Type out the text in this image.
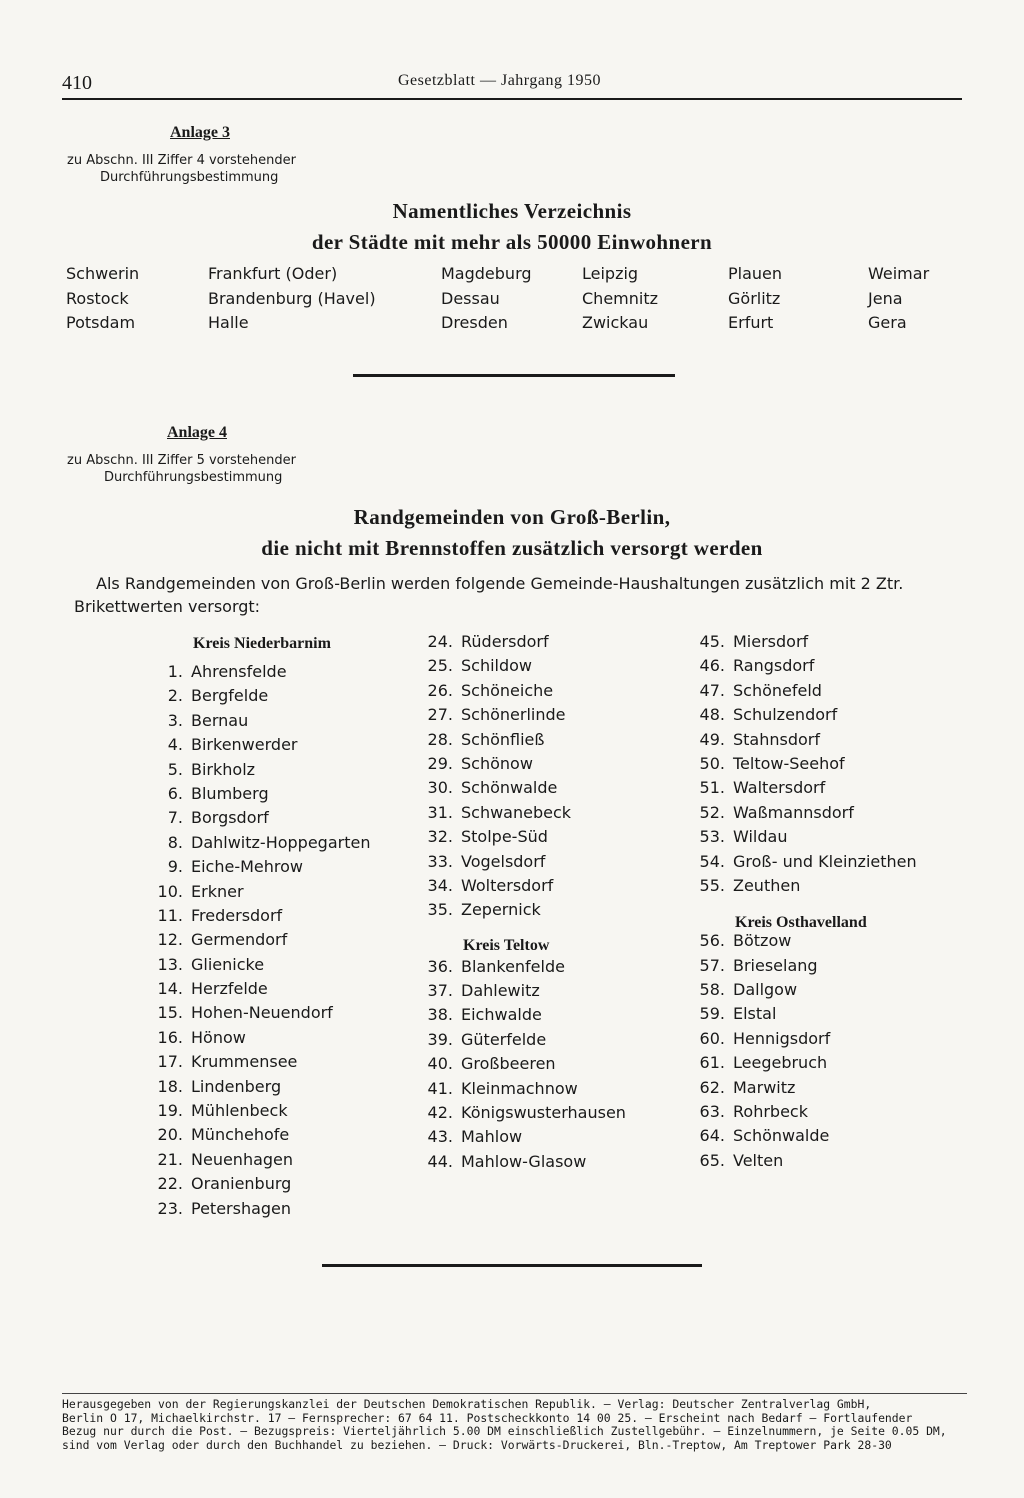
410	Gesetzblatt — Jahrgang 1950
Anlage 3
zu Abschn. III Ziffer 4 vorstehender
Durchführungsbestimmung
Namentliches Verzeichnis
der Städte mit mehr als 50000 Einwohnern
Schwerin
Rostock
Potsdam
Frankfurt (Oder)
Brandenburg (Havel)
Halle
Magdeburg
Dessau
Dresden
Leipzig
Chemnitz
Zwickau
Plauen
Görlitz
Erfurt
Weimar
Jena
Gera
Anlage 4
zu Abschn. III Ziffer 5 vorstehender
Durchführungsbestimmung
Randgemeinden von Groß-Berlin,
die nicht mit Brennstoffen zusätzlich versorgt werden
Als Randgemeinden von Groß-Berlin werden folgende Gemeinde-Haushaltungen zusätzlich mit 2 Ztr.
Brikettwerten versorgt:
Kreis Niederbarnim
1. Ahrensfelde
2. Bergfelde
3. Bernau
4. Birkenwerder
5. Birkholz
6. Blumberg
7. Borgsdorf
8. Dahlwitz-Hoppegarten
9. Eiche-Mehrow
10. Erkner
11. Fredersdorf
12. Germendorf
13. Glienicke
14. Herzfelde
15. Hohen-Neuendorf
16. Hönow
17. Krummensee
18. Lindenberg
19. Mühlenbeck
20. Münchehofe
21. Neuenhagen
22. Oranienburg
23. Petershagen
24. Rüdersdorf
25. Schildow
26. Schöneiche
27. Schönerlinde
28. Schönfließ
29. Schönow
30. Schönwalde
31. Schwanebeck
32. Stolpe-Süd
33. Vogelsdorf
34. Woltersdorf
35. Zepernick
Kreis Teltow
36. Blankenfelde
37. Dahlewitz
38. Eichwalde
39. Güterfelde
40. Großbeeren
41. Kleinmachnow
42. Königswusterhausen
43. Mahlow
44. Mahlow-Glasow
45. Miersdorf
46. Rangsdorf
47. Schönefeld
48. Schulzendorf
49. Stahnsdorf
50. Teltow-Seehof
51. Waltersdorf
52. Waßmannsdorf
53. Wildau
54. Groß- und Kleinziethen
55. Zeuthen
Kreis Osthavelland
56. Bötzow
57. Brieselang
58. Dallgow
59. Elstal
60. Hennigsdorf
61. Leegebruch
62. Marwitz
63. Rohrbeck
64. Schönwalde
65. Velten
Herausgegeben von der Regierungskanzlei der Deutschen Demokratischen Republik. — Verlag: Deutscher Zentralverlag GmbH,
Berlin O 17, Michaelkirchstr. 17 — Fernsprecher: 67 64 11. Postscheckkonto 14 00 25. — Erscheint nach Bedarf — Fortlaufender
Bezug nur durch die Post. — Bezugspreis: Vierteljährlich 5.00 DM einschließlich Zustellgebühr. — Einzelnummern, je Seite 0.05 DM,
sind vom Verlag oder durch den Buchhandel zu beziehen. — Druck: Vorwärts-Druckerei, Bln.-Treptow, Am Treptower Park 28-30
